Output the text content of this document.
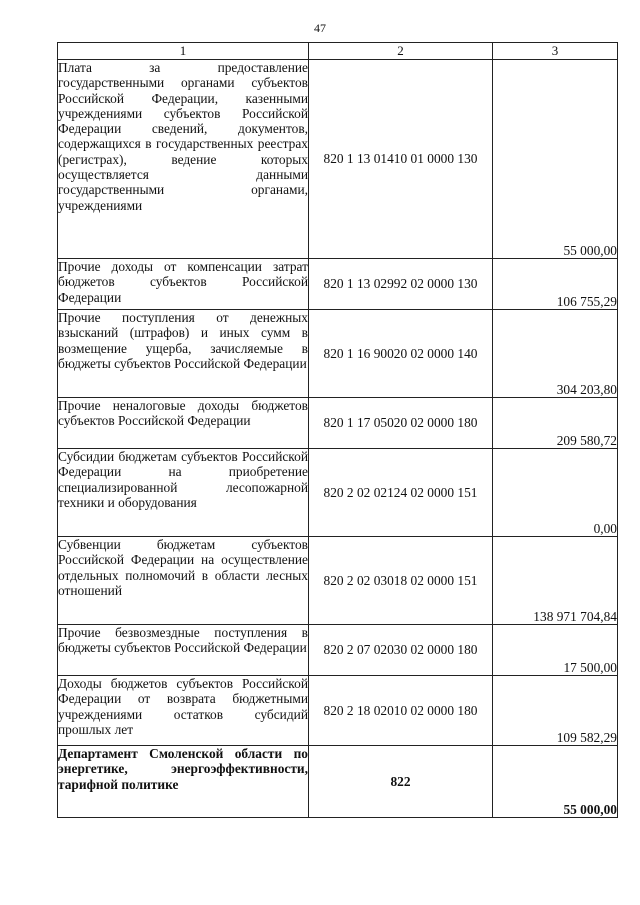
47
1	2	3
Плата за предоставление государственными органами субъектов Российской Федерации, казенными учреждениями субъектов Российской Федерации сведений, документов, содержащихся в государственных реестрах (регистрах), ведение которых осуществляется данными государственными органами, учреждениями	820 1 13 01410 01 0000 130	55 000,00
Прочие доходы от компенсации затрат бюджетов субъектов Российской Федерации	820 1 13 02992 02 0000 130	106 755,29
Прочие поступления от денежных взысканий (штрафов) и иных сумм в возмещение ущерба, зачисляемые в бюджеты субъектов Российской Федерации	820 1 16 90020 02 0000 140	304 203,80
Прочие неналоговые доходы бюджетов субъектов Российской Федерации	820 1 17 05020 02 0000 180	209 580,72
Субсидии бюджетам субъектов Российской Федерации на приобретение специализированной лесопожарной техники и оборудования	820 2 02 02124 02 0000 151	0,00
Субвенции бюджетам субъектов Российской Федерации на осуществление отдельных полномочий в области лесных отношений	820 2 02 03018 02 0000 151	138 971 704,84
Прочие безвозмездные поступления в бюджеты субъектов Российской Федерации	820 2 07 02030 02 0000 180	17 500,00
Доходы бюджетов субъектов Российской Федерации от возврата бюджетными учреждениями остатков субсидий прошлых лет	820 2 18 02010 02 0000 180	109 582,29
Департамент Смоленской области по энергетике, энергоэффективности, тарифной политике	822	55 000,00
